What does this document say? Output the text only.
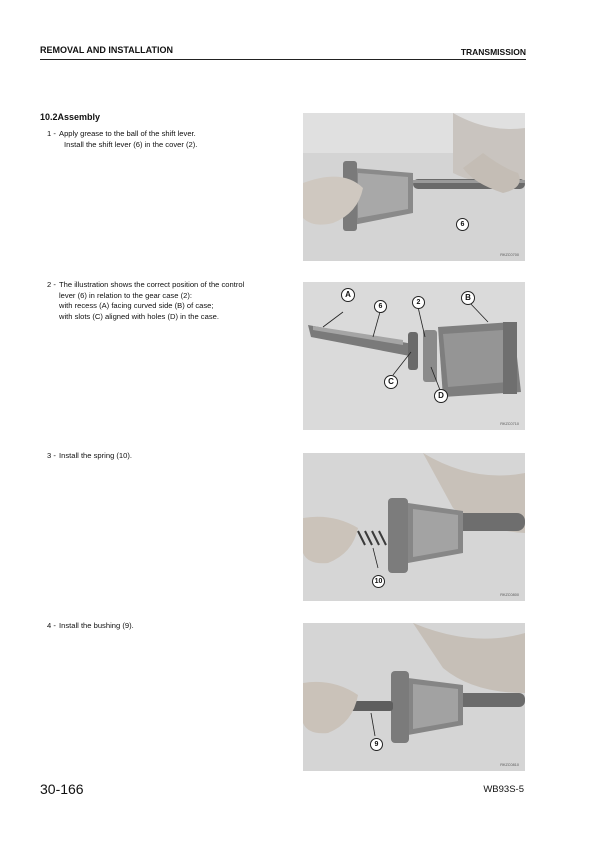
REMOVAL AND INSTALLATION	TRANSMISSION
10.2Assembly
1 - Apply grease to the ball of the shift lever.
Install the shift lever (6) in the cover (2).
2 - The illustration shows the correct position of the control
lever (6) in relation to the gear case (2):
with recess (A) facing curved side (B) of case;
with slots (C) aligned with holes (D) in the case.
3 - Install the spring (10).
4 - Install the bushing (9).
6
RKZC0700
A
6
2
B
C
D
RKZC0710
10
RKZC0800
9
RKZC0810
30-166	WB93S-5
